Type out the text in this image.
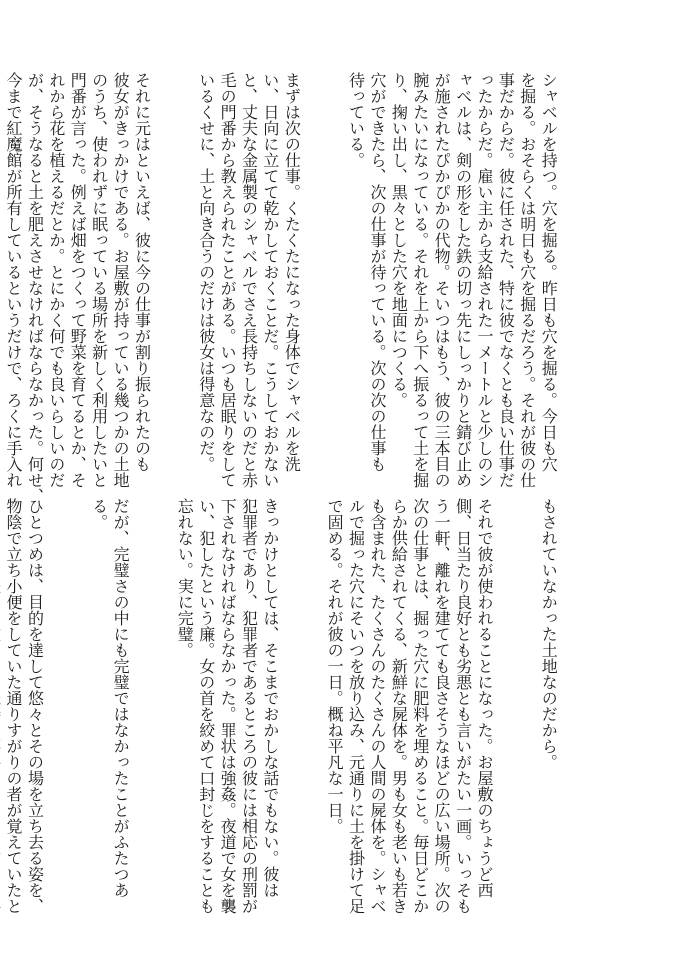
シャベルを持つ。穴を掘る。昨日も穴を掘る。今日も穴
を掘る。おそらくは明日も穴を掘るだろう。それが彼の仕
事だからだ。彼に任された、特に彼でなくとも良い仕事だ
ったからだ。雇い主から支給された一メートルと少しのシ
ャベルは、剣の形をした鉄の切っ先にしっかりと錆び止め
が施されたぴかぴかの代物。そいつはもう、彼の三本目の
腕みたいになっている。それを上から下へ振るって土を掘
り、掬い出し、黒々とした穴を地面につくる。
穴ができたら、次の仕事が待っている。次の次の仕事も
待っている。

まずは次の仕事。くたくたになった身体でシャベルを洗
い、日向に立てて乾かしておくことだ。こうしておかない
と、丈夫な金属製のシャベルでさえ長持ちしないのだと赤
毛の門番から教えられたことがある。いつも居眠りをして
いるくせに、土と向き合うのだけは彼女は得意なのだ。

それに元はといえば、彼に今の仕事が割り振られたのも
彼女がきっかけである。お屋敷が持っている幾つかの土地
のうち、使われずに眠っている場所を新しく利用したいと
門番が言った。例えば畑をつくって野菜を育てるとか、そ
れから花を植えるだとか。とにかく何でも良いらしいのだ
が、そうなると土を肥えさせなければならなかった。何せ、
今まで紅魔館が所有しているというだけで、ろくに手入れ

もされていなかった土地なのだから。

それで彼が使われることになった。お屋敷のちょうど西
側、日当たり良好とも劣悪とも言いがたい一画。いっそも
う一軒、離れを建てても良さそうなほどの広い場所。次の
次の仕事とは、掘った穴に肥料を埋めること。毎日どこか
らか供給されてくる、新鮮な屍体を。男も女も老いも若き
も含まれた、たくさんのたくさんの人間の屍体を。シャベ
ルで掘った穴にそいつを放り込み、元通りに土を掛けて足
で固める。それが彼の一日。概ね平凡な一日。

きっかけとしては、そこまでおかしな話でもない。彼は
犯罪者であり、犯罪者であるところの彼には相応の刑罰が
下されなければならなかった。罪状は強姦。夜道で女を襲
い、犯したという廉。女の首を絞めて口封じをすることも
忘れない。実に完璧。

だが、完璧さの中にも完璧ではなかったことがふたつあ
る。

ひとつめは、目的を達して悠々とその場を立ち去る姿を、
物陰で立ち小便をしていた通りすがりの者が覚えていたと
